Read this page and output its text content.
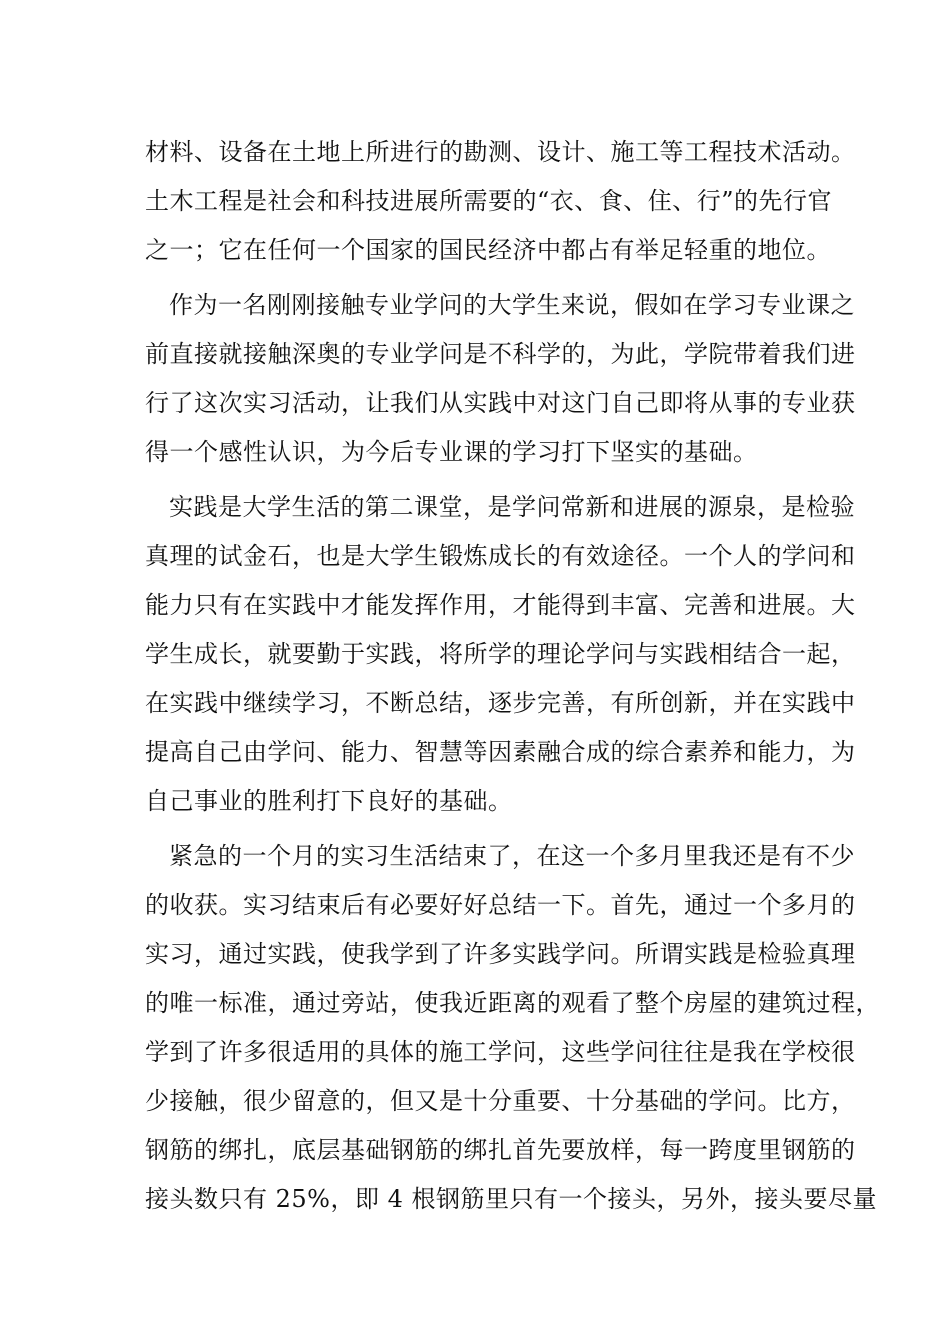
材料、设备在土地上所进行的勘测、设计、施工等工程技术活动。
土木工程是社会和科技进展所需要的“衣、食、住、行”的先行官
之一；它在任何一个国家的国民经济中都占有举足轻重的地位。
作为一名刚刚接触专业学问的大学生来说，假如在学习专业课之
前直接就接触深奥的专业学问是不科学的，为此，学院带着我们进
行了这次实习活动，让我们从实践中对这门自己即将从事的专业获
得一个感性认识，为今后专业课的学习打下坚实的基础。
实践是大学生活的第二课堂，是学问常新和进展的源泉，是检验
真理的试金石，也是大学生锻炼成长的有效途径。一个人的学问和
能力只有在实践中才能发挥作用，才能得到丰富、完善和进展。大
学生成长，就要勤于实践，将所学的理论学问与实践相结合一起，
在实践中继续学习，不断总结，逐步完善，有所创新，并在实践中
提高自己由学问、能力、智慧等因素融合成的综合素养和能力，为
自己事业的胜利打下良好的基础。
紧急的一个月的实习生活结束了，在这一个多月里我还是有不少
的收获。实习结束后有必要好好总结一下。首先，通过一个多月的
实习，通过实践，使我学到了许多实践学问。所谓实践是检验真理
的唯一标准，通过旁站，使我近距离的观看了整个房屋的建筑过程，
学到了许多很适用的具体的施工学问，这些学问往往是我在学校很
少接触，很少留意的，但又是十分重要、十分基础的学问。比方，
钢筋的绑扎，底层基础钢筋的绑扎首先要放样，每一跨度里钢筋的
接头数只有 25%，即 4 根钢筋里只有一个接头，另外，接头要尽量
